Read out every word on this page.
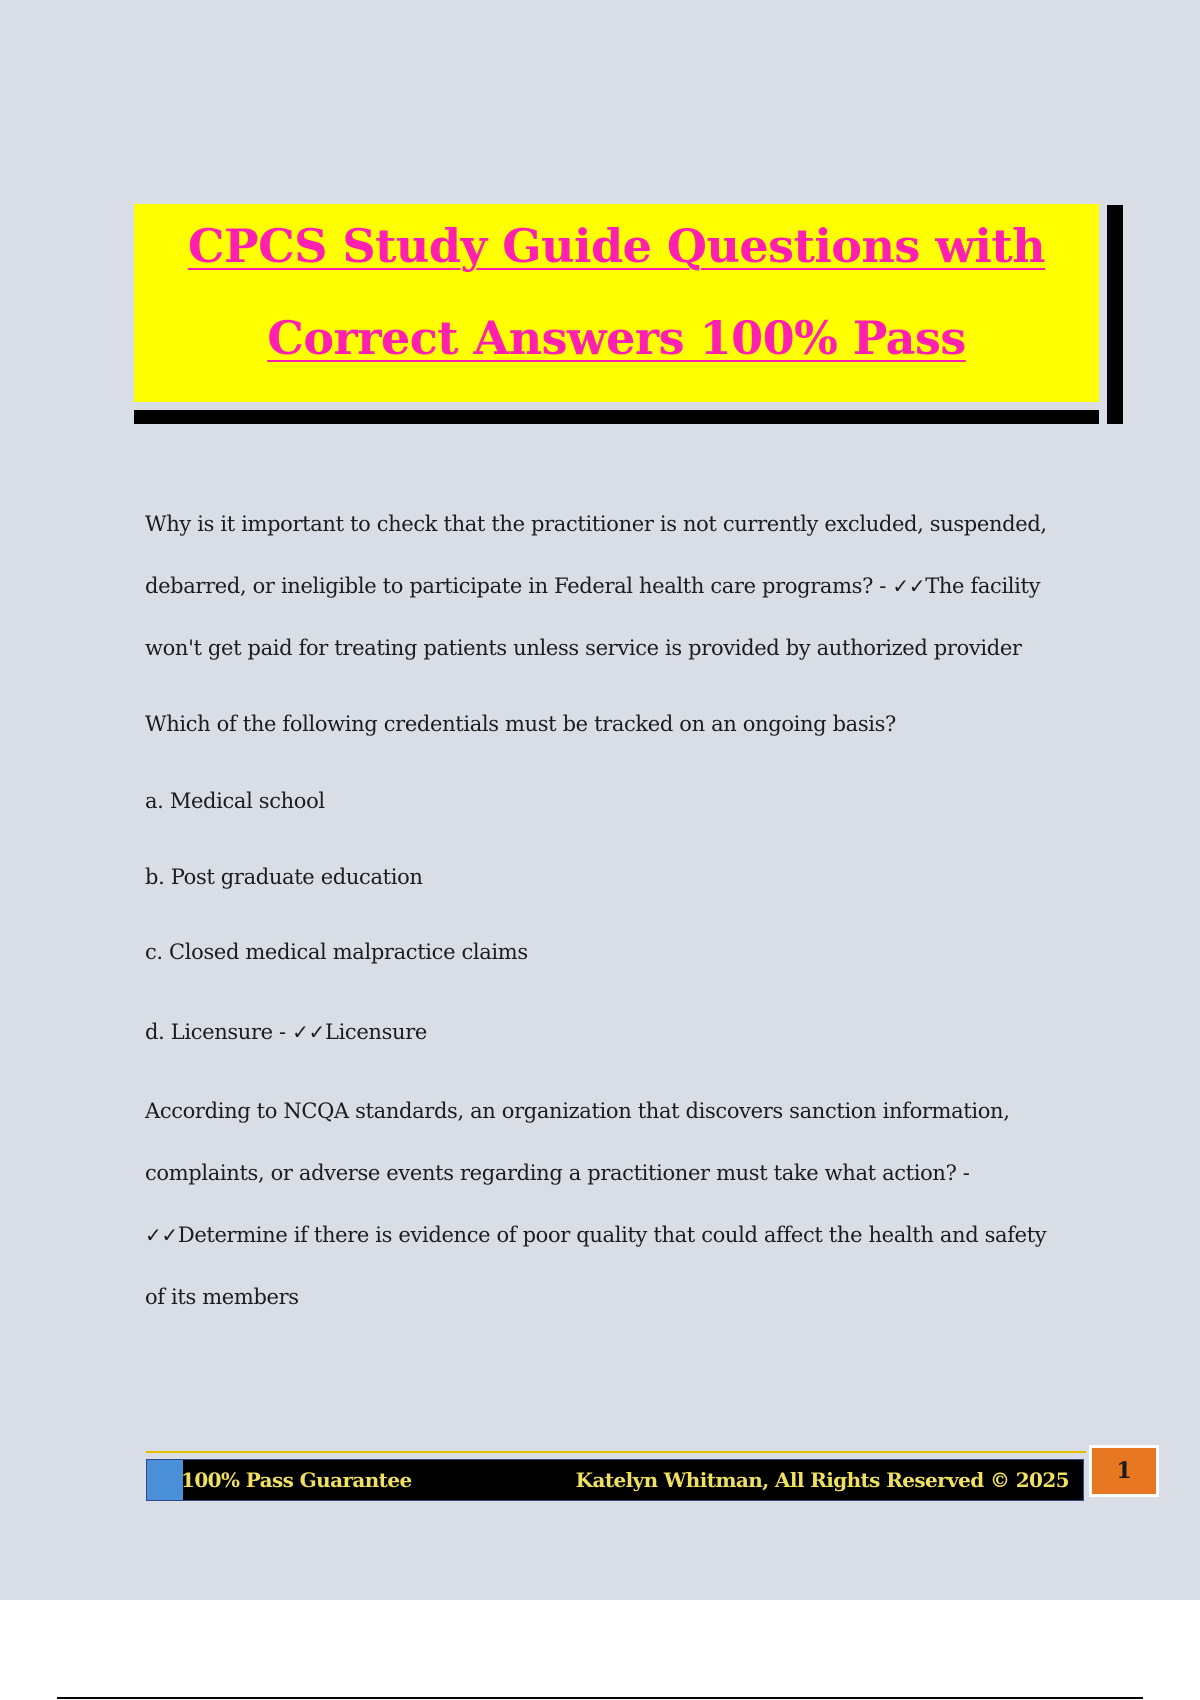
CPCS Study Guide Questions with
Correct Answers 100% Pass
Why is it important to check that the practitioner is not currently excluded, suspended,
debarred, or ineligible to participate in Federal health care programs? - ✓✓The facility
won't get paid for treating patients unless service is provided by authorized provider
Which of the following credentials must be tracked on an ongoing basis?
a. Medical school
b. Post graduate education
c. Closed medical malpractice claims
d. Licensure - ✓✓Licensure
According to NCQA standards, an organization that discovers sanction information,
complaints, or adverse events regarding a practitioner must take what action? -
✓✓Determine if there is evidence of poor quality that could affect the health and safety
of its members
100% Pass Guarantee	Katelyn Whitman, All Rights Reserved © 2025	1
